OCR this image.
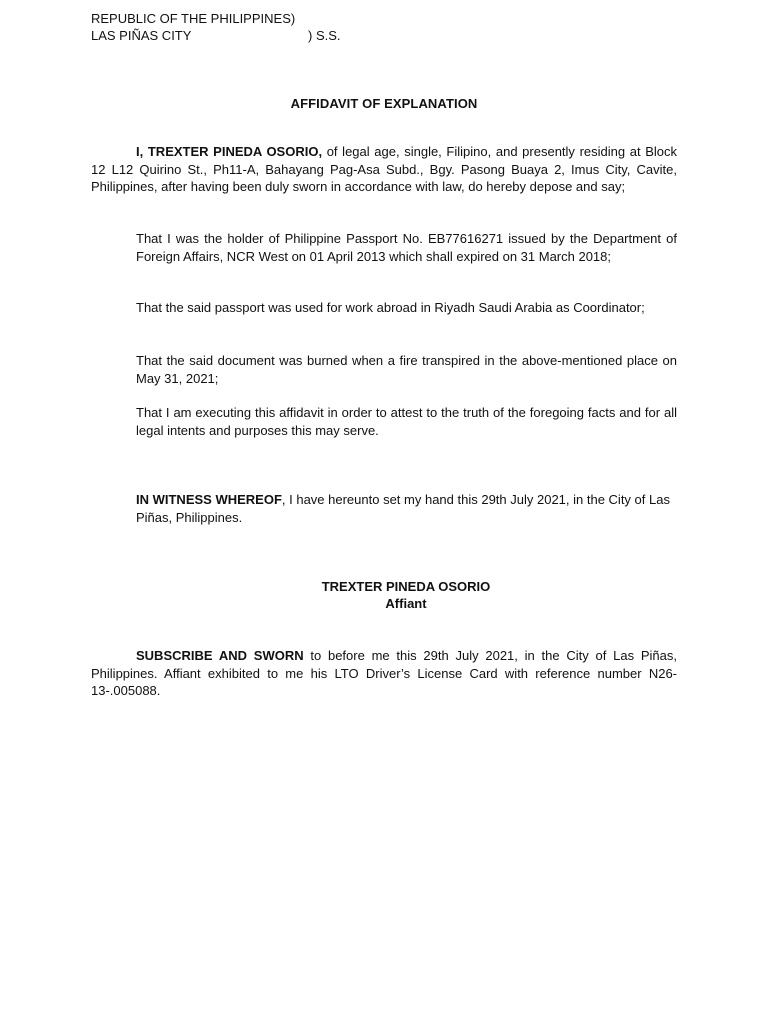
REPUBLIC OF THE PHILIPPINES)
LAS PIÑAS CITY	) S.S.
AFFIDAVIT OF EXPLANATION
I, TREXTER PINEDA OSORIO, of legal age, single, Filipino, and presently residing at Block 12 L12 Quirino St., Ph11-A, Bahayang Pag-Asa Subd., Bgy. Pasong Buaya 2, Imus City, Cavite, Philippines, after having been duly sworn in accordance with law, do hereby depose and say;
That I was the holder of Philippine Passport No. EB77616271 issued by the Department of Foreign Affairs, NCR West on 01 April 2013 which shall expired on 31 March 2018;
That the said passport was used for work abroad in Riyadh Saudi Arabia as Coordinator;
That the said document was burned when a fire transpired in the above-mentioned place on May 31, 2021;
That I am executing this affidavit in order to attest to the truth of the foregoing facts and for all legal intents and purposes this may serve.
IN WITNESS WHEREOF, I have hereunto set my hand this 29th July 2021, in the City of Las Piñas, Philippines.
TREXTER PINEDA OSORIO
Affiant
SUBSCRIBE AND SWORN to before me this 29th July 2021, in the City of Las Piñas, Philippines. Affiant exhibited to me his LTO Driver’s License Card with reference number N26-13-.005088.
